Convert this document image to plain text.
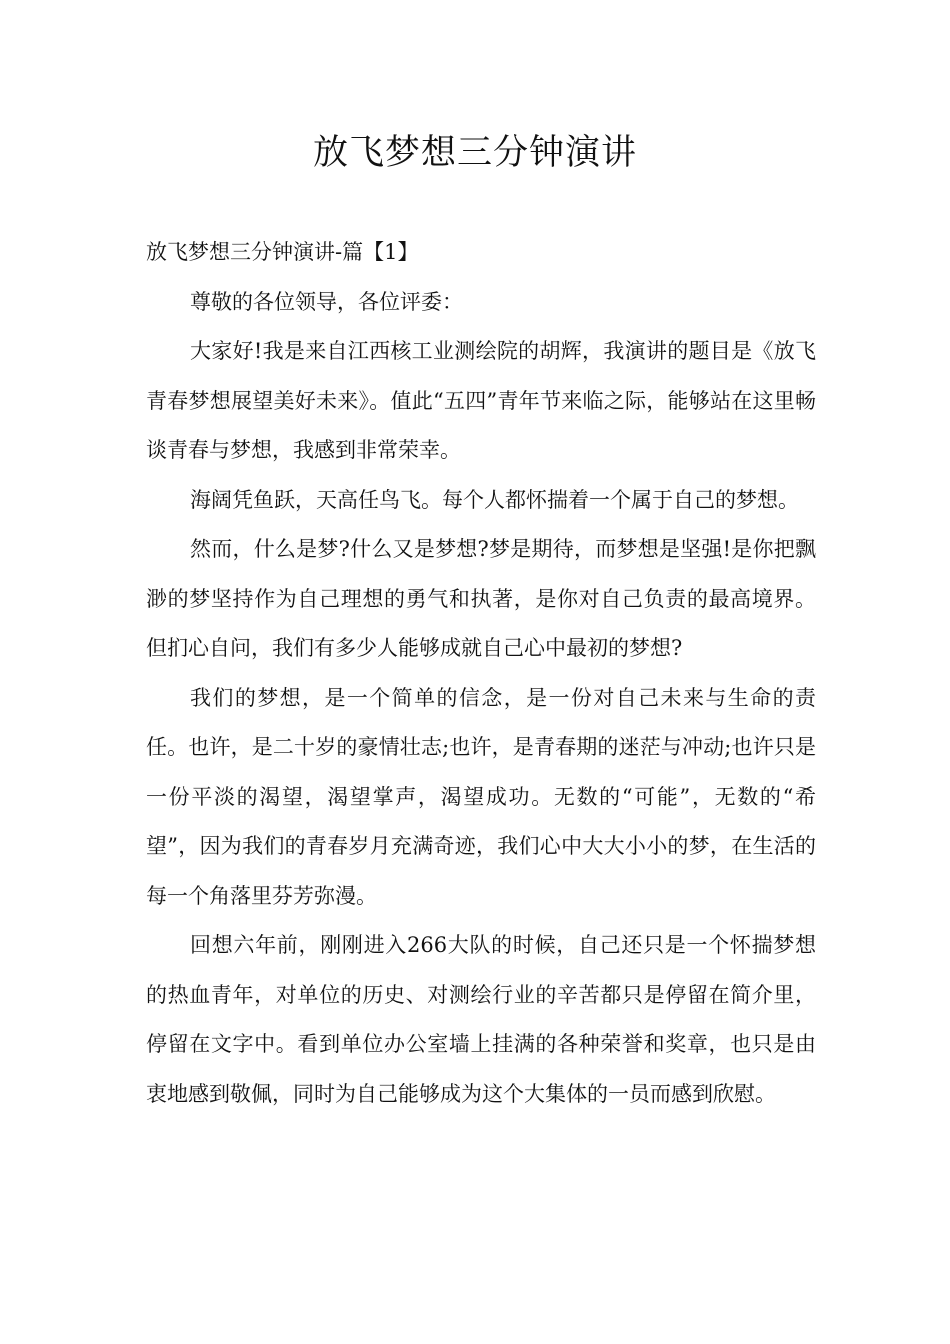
放飞梦想三分钟演讲

放飞梦想三分钟演讲-篇【1】

尊敬的各位领导，各位评委：

大家好!我是来自江西核工业测绘院的胡辉，我演讲的题目是《放飞青春梦想展望美好未来》。值此“五四”青年节来临之际，能够站在这里畅谈青春与梦想，我感到非常荣幸。

海阔凭鱼跃，天高任鸟飞。每个人都怀揣着一个属于自己的梦想。

然而，什么是梦?什么又是梦想?梦是期待，而梦想是坚强!是你把飘渺的梦坚持作为自己理想的勇气和执著，是你对自己负责的最高境界。但扪心自问，我们有多少人能够成就自己心中最初的梦想?

我们的梦想，是一个简单的信念，是一份对自己未来与生命的责任。也许，是二十岁的豪情壮志;也许，是青春期的迷茫与冲动;也许只是一份平淡的渴望，渴望掌声，渴望成功。无数的“可能”，无数的“希望”，因为我们的青春岁月充满奇迹，我们心中大大小小的梦，在生活的每一个角落里芬芳弥漫。

回想六年前，刚刚进入266大队的时候，自己还只是一个怀揣梦想的热血青年，对单位的历史、对测绘行业的辛苦都只是停留在简介里，停留在文字中。看到单位办公室墙上挂满的各种荣誉和奖章，也只是由衷地感到敬佩，同时为自己能够成为这个大集体的一员而感到欣慰。
